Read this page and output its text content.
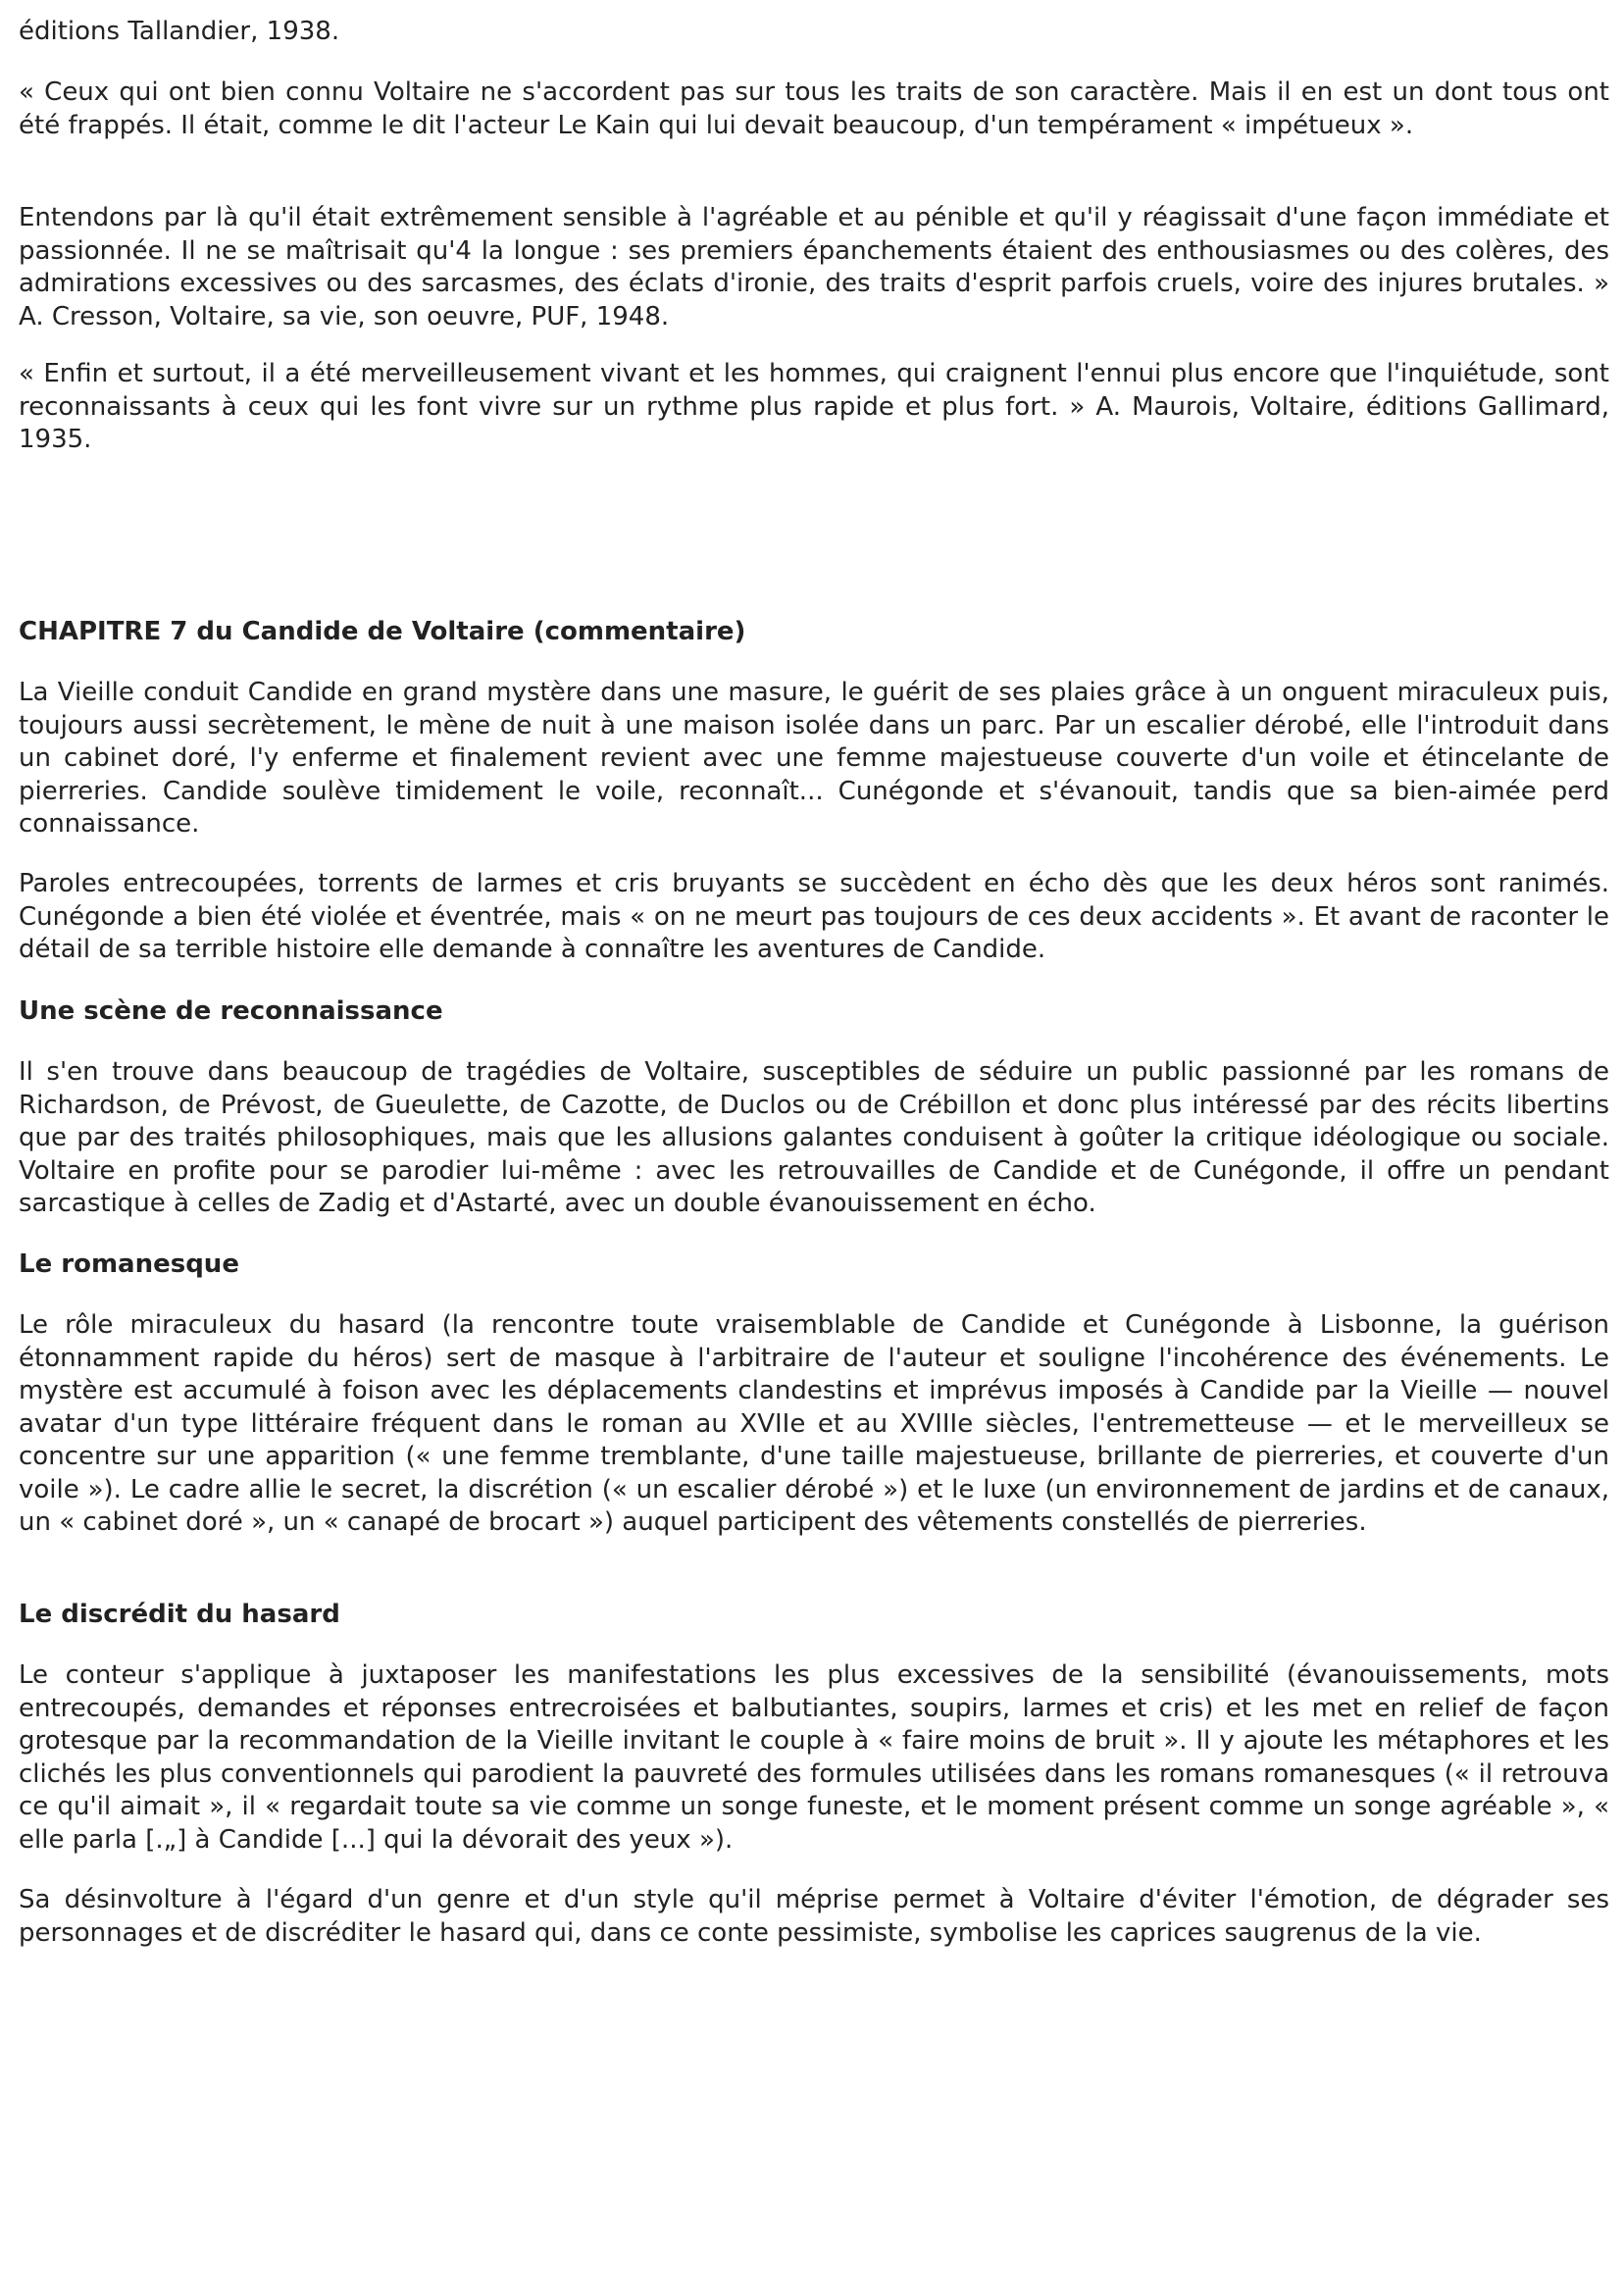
éditions Tallandier, 1938.

« Ceux qui ont bien connu Voltaire ne s'accordent pas sur tous les traits de son caractère. Mais il en est un dont tous ont été frappés. Il était, comme le dit l'acteur Le Kain qui lui devait beaucoup, d'un tempérament « impétueux ».

Entendons par là qu'il était extrêmement sensible à l'agréable et au pénible et qu'il y réagissait d'une façon immédiate et passionnée. Il ne se maîtrisait qu'4 la longue : ses premiers épanchements étaient des enthousiasmes ou des colères, des admirations excessives ou des sarcasmes, des éclats d'ironie, des traits d'esprit parfois cruels, voire des injures brutales. » A. Cresson, Voltaire, sa vie, son oeuvre, PUF, 1948.

« Enfin et surtout, il a été merveilleusement vivant et les hommes, qui craignent l'ennui plus encore que l'inquiétude, sont reconnaissants à ceux qui les font vivre sur un rythme plus rapide et plus fort. » A. Maurois, Voltaire, éditions Gallimard, 1935.

CHAPITRE 7 du Candide de Voltaire (commentaire)

La Vieille conduit Candide en grand mystère dans une masure, le guérit de ses plaies grâce à un onguent miraculeux puis, toujours aussi secrètement, le mène de nuit à une maison isolée dans un parc. Par un escalier dérobé, elle l'introduit dans un cabinet doré, l'y enferme et finalement revient avec une femme majestueuse couverte d'un voile et étincelante de pierreries. Candide soulève timidement le voile, reconnaît... Cunégonde et s'évanouit, tandis que sa bien-aimée perd connaissance.

Paroles entrecoupées, torrents de larmes et cris bruyants se succèdent en écho dès que les deux héros sont ranimés. Cunégonde a bien été violée et éventrée, mais « on ne meurt pas toujours de ces deux accidents ». Et avant de raconter le détail de sa terrible histoire elle demande à connaître les aventures de Candide.

Une scène de reconnaissance

Il s'en trouve dans beaucoup de tragédies de Voltaire, susceptibles de séduire un public passionné par les romans de Richardson, de Prévost, de Gueulette, de Cazotte, de Duclos ou de Crébillon et donc plus intéressé par des récits libertins que par des traités philosophiques, mais que les allusions galantes conduisent à goûter la critique idéologique ou sociale. Voltaire en profite pour se parodier lui-même : avec les retrouvailles de Candide et de Cunégonde, il offre un pendant sarcastique à celles de Zadig et d'Astarté, avec un double évanouissement en écho.

Le romanesque

Le rôle miraculeux du hasard (la rencontre toute vraisemblable de Candide et Cunégonde à Lisbonne, la guérison étonnamment rapide du héros) sert de masque à l'arbitraire de l'auteur et souligne l'incohérence des événements. Le mystère est accumulé à foison avec les déplacements clandestins et imprévus imposés à Candide par la Vieille — nouvel avatar d'un type littéraire fréquent dans le roman au XVIIe et au XVIIIe siècles, l'entremetteuse — et le merveilleux se concentre sur une apparition (« une femme tremblante, d'une taille majestueuse, brillante de pierreries, et couverte d'un voile »). Le cadre allie le secret, la discrétion (« un escalier dérobé ») et le luxe (un environnement de jardins et de canaux, un « cabinet doré », un « canapé de brocart ») auquel participent des vêtements constellés de pierreries.

Le discrédit du hasard

Le conteur s'applique à juxtaposer les manifestations les plus excessives de la sensibilité (évanouissements, mots entrecoupés, demandes et réponses entrecroisées et balbutiantes, soupirs, larmes et cris) et les met en relief de façon grotesque par la recommandation de la Vieille invitant le couple à « faire moins de bruit ». Il y ajoute les métaphores et les clichés les plus conventionnels qui parodient la pauvreté des formules utilisées dans les romans romanesques (« il retrouva ce qu'il aimait », il « regardait toute sa vie comme un songe funeste, et le moment présent comme un songe agréable », « elle parla [.„] à Candide [...] qui la dévorait des yeux »).

Sa désinvolture à l'égard d'un genre et d'un style qu'il méprise permet à Voltaire d'éviter l'émotion, de dégrader ses personnages et de discréditer le hasard qui, dans ce conte pessimiste, symbolise les caprices saugrenus de la vie.
